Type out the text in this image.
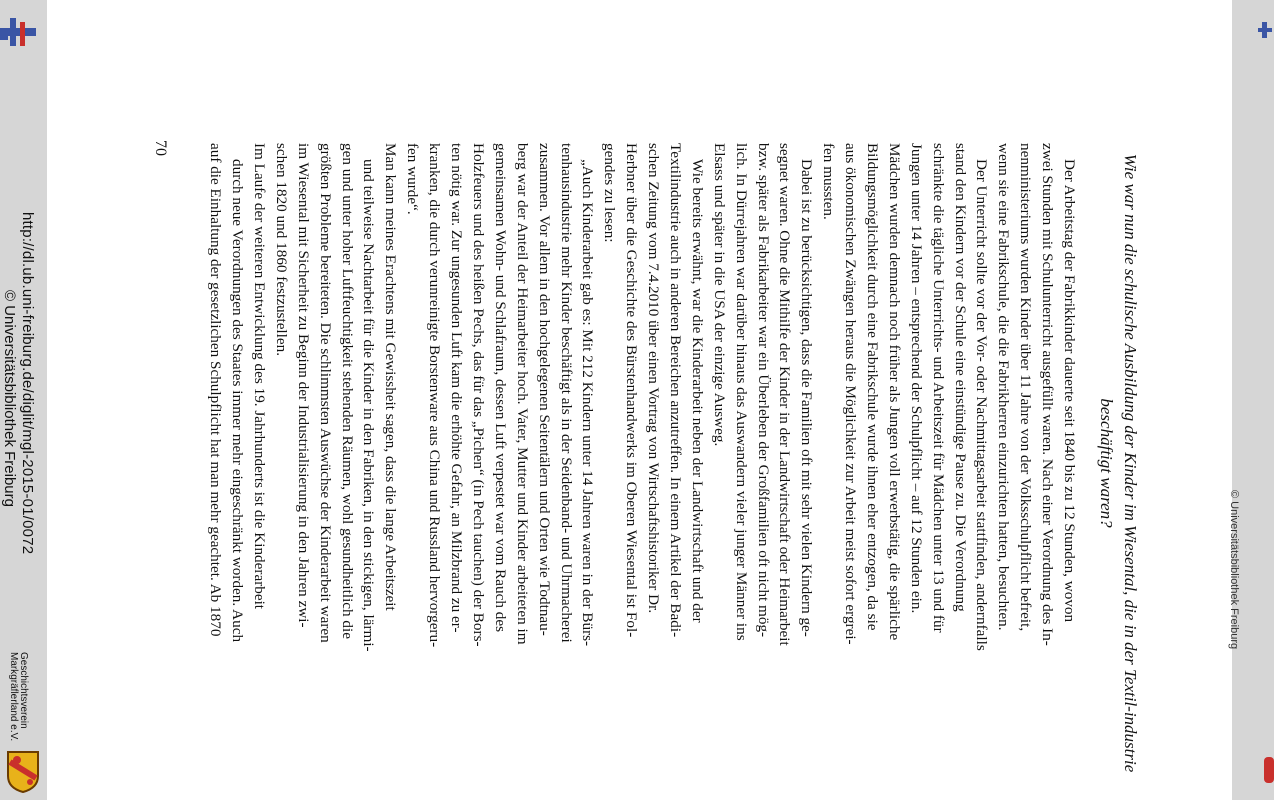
http://dl.ub.uni-freiburg.de/diglit/mgl-2015-01/0072
© Universitätsbibliothek Freiburg
Geschichtsverein
Markgräflerland e.V.
© Universitätsbibliothek Freiburg
70
Wie war nun die schulische Ausbildung der Kinder im Wiesental, die in der Textil-industrie beschäftigt waren?
Der Arbeitstag der Fabrikkinder dauerte seit 1840 bis zu 12 Stunden, wovon
zwei Stunden mit Schulunterricht ausgefüllt waren. Nach einer Verordnung des In-
nenministeriums wurden Kinder über 11 Jahre von der Volksschulpflicht befreit,
wenn sie eine Fabrikschule, die die Fabrikherren einzurichten hatten, besuchten.
Der Unterricht sollte vor der Vor- oder Nachmittagsarbeit stattfinden, andernfalls
stand den Kindern vor der Schule eine einstündige Pause zu. Die Verordnung
schränkte die tägliche Unterrichts- und Arbeitszeit für Mädchen unter 13 und für
Jungen unter 14 Jahren – entsprechend der Schulpflicht – auf 12 Stunden ein.
Mädchen wurden demnach noch früher als Jungen voll erwerbstätig, die spärliche
Bildungsmöglichkeit durch eine Fabrikschule wurde ihnen eher entzogen, da sie
aus ökonomischen Zwängen heraus die Möglichkeit zur Arbeit meist sofort ergrei-
fen mussten.
Dabei ist zu berücksichtigen, dass die Familien oft mit sehr vielen Kindern ge-
segnet waren. Ohne die Mithilfe der Kinder in der Landwirtschaft oder Heimarbeit
bzw. später als Fabrikarbeiter war ein Überleben der Großfamilien oft nicht mög-
lich. In Dürrejahren war darüber hinaus das Auswandern vieler junger Männer ins
Elsass und später in die USA der einzige Ausweg.
Wie bereits erwähnt, war die Kinderarbeit neben der Landwirtschaft und der
Textilindustrie auch in anderen Bereichen anzutreffen. In einem Artikel der Badi-
schen Zeitung vom 7.4.2010 über einen Vortrag von Wirtschaftshistoriker Dr.
Herbner über die Geschichte des Bürstenhandwerks im Oberen Wiesental ist Fol-
gendes zu lesen:
„Auch Kinderarbeit gab es: Mit 212 Kindern unter 14 Jahren waren in der Bürs-
tenhausindustrie mehr Kinder beschäftigt als in der Seidenband- und Uhrmacherei
zusammen. Vor allem in den hochgelegenen Seitentälern und Orten wie Todtnau-
berg war der Anteil der Heimarbeiter hoch. Vater, Mutter und Kinder arbeiteten im
gemeinsamen Wohn- und Schlafraum, dessen Luft verpestet war vom Rauch des
Holzfeuers und des heißen Pechs, das für das „Pichen“ (in Pech tauchen) der Bors-
ten nötig war. Zur ungesunden Luft kam die erhöhte Gefahr, an Milzbrand zu er-
kranken, die durch verunreinigte Borstenware aus China und Russland hervorgeru-
fen wurde“.
Man kann meines Erachtens mit Gewissheit sagen, dass die lange Arbeitszeit
und teilweise Nachtarbeit für die Kinder in den Fabriken, in den stickigen, lärmi-
gen und unter hoher Luftfeuchtigkeit stehenden Räumen, wohl gesundheitlich die
größten Probleme bereiteten. Die schlimmsten Auswüchse der Kinderarbeit waren
im Wiesental mit Sicherheit zu Beginn der Industrialisierung in den Jahren zwi-
schen 1820 und 1860 festzustellen.
Im Laufe der weiteren Entwicklung des 19. Jahrhunderts ist die Kinderarbeit
durch neue Verordnungen des Staates immer mehr eingeschränkt worden. Auch
auf die Einhaltung der gesetzlichen Schulpflicht hat man mehr geachtet. Ab 1870
